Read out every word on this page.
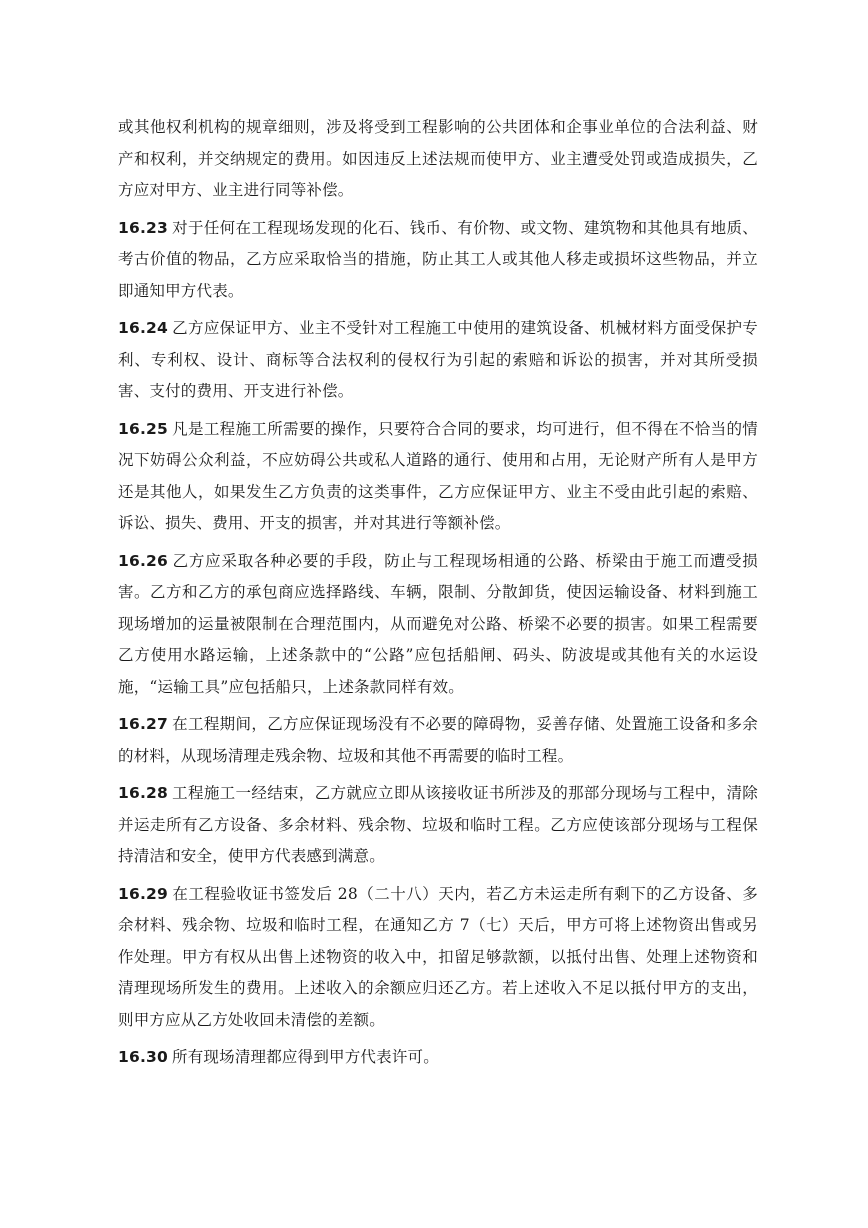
或其他权利机构的规章细则，涉及将受到工程影响的公共团体和企事业单位的合法利益、财产和权利，并交纳规定的费用。如因违反上述法规而使甲方、业主遭受处罚或造成损失，乙方应对甲方、业主进行同等补偿。

16.23 对于任何在工程现场发现的化石、钱币、有价物、或文物、建筑物和其他具有地质、考古价值的物品，乙方应采取恰当的措施，防止其工人或其他人移走或损坏这些物品，并立即通知甲方代表。

16.24 乙方应保证甲方、业主不受针对工程施工中使用的建筑设备、机械材料方面受保护专利、专利权、设计、商标等合法权利的侵权行为引起的索赔和诉讼的损害，并对其所受损害、支付的费用、开支进行补偿。

16.25 凡是工程施工所需要的操作，只要符合合同的要求，均可进行，但不得在不恰当的情况下妨碍公众利益，不应妨碍公共或私人道路的通行、使用和占用，无论财产所有人是甲方还是其他人，如果发生乙方负责的这类事件，乙方应保证甲方、业主不受由此引起的索赔、诉讼、损失、费用、开支的损害，并对其进行等额补偿。

16.26 乙方应采取各种必要的手段，防止与工程现场相通的公路、桥梁由于施工而遭受损害。乙方和乙方的承包商应选择路线、车辆，限制、分散卸货，使因运输设备、材料到施工现场增加的运量被限制在合理范围内，从而避免对公路、桥梁不必要的损害。如果工程需要乙方使用水路运输，上述条款中的“公路”应包括船闸、码头、防波堤或其他有关的水运设施，“运输工具”应包括船只，上述条款同样有效。

16.27 在工程期间，乙方应保证现场没有不必要的障碍物，妥善存储、处置施工设备和多余的材料，从现场清理走残余物、垃圾和其他不再需要的临时工程。

16.28 工程施工一经结束，乙方就应立即从该接收证书所涉及的那部分现场与工程中，清除并运走所有乙方设备、多余材料、残余物、垃圾和临时工程。乙方应使该部分现场与工程保持清洁和安全，使甲方代表感到满意。

16.29 在工程验收证书签发后 28（二十八）天内，若乙方未运走所有剩下的乙方设备、多余材料、残余物、垃圾和临时工程，在通知乙方 7（七）天后，甲方可将上述物资出售或另作处理。甲方有权从出售上述物资的收入中，扣留足够款额，以抵付出售、处理上述物资和清理现场所发生的费用。上述收入的余额应归还乙方。若上述收入不足以抵付甲方的支出，则甲方应从乙方处收回未清偿的差额。

16.30 所有现场清理都应得到甲方代表许可。
